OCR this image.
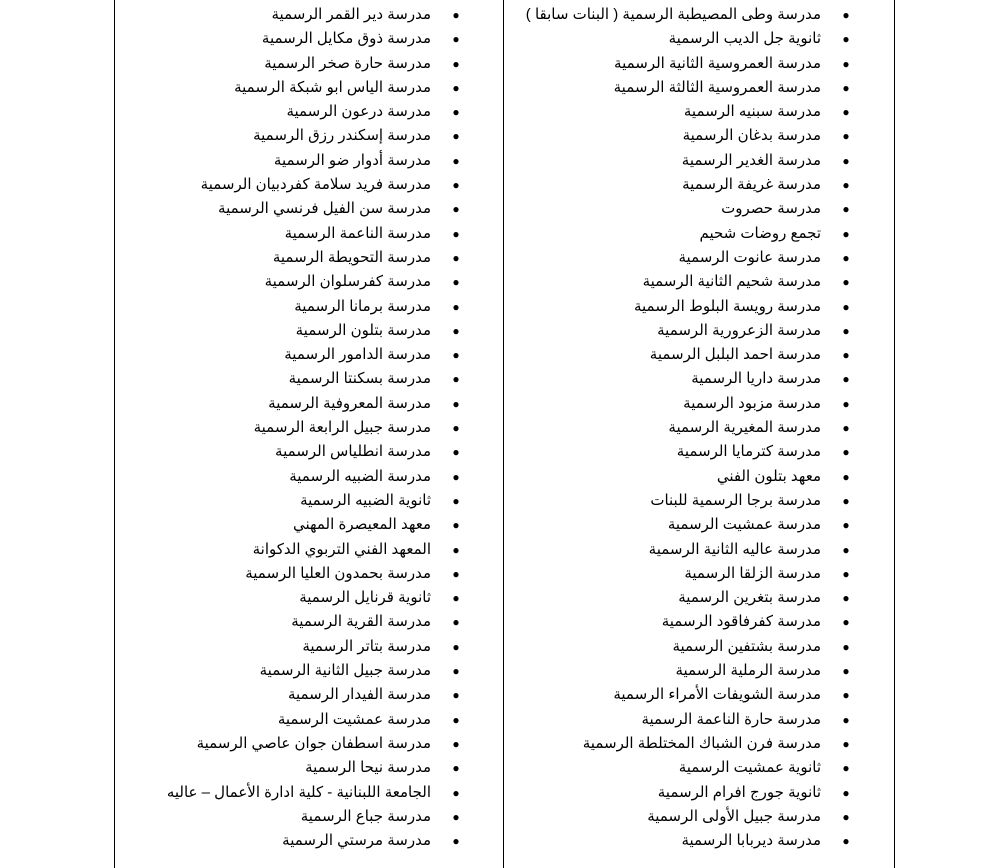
●
مدرسة وطى المصيطبة الرسمية ( البنات سابقا )
●
ثانوية جل الديب الرسمية
●
مدرسة العمروسية الثانية الرسمية
●
مدرسة العمروسية الثالثة الرسمية
●
مدرسة سبنيه الرسمية
●
مدرسة بدغان الرسمية
●
مدرسة الغدير الرسمية
●
مدرسة غريفة الرسمية
●
مدرسة حصروت
●
تجمع روضات شحيم
●
مدرسة عانوت الرسمية
●
مدرسة شحيم الثانية الرسمية
●
مدرسة رويسة البلوط الرسمية
●
مدرسة الزعرورية الرسمية
●
مدرسة احمد البلبل الرسمية
●
مدرسة داريا الرسمية
●
مدرسة مزبود الرسمية
●
مدرسة المغيرية الرسمية
●
مدرسة كترمايا الرسمية
●
معهد بتلون الفني
●
مدرسة برجا الرسمية للبنات
●
مدرسة عمشيت الرسمية
●
مدرسة عاليه الثانية الرسمية
●
مدرسة الزلقا الرسمية
●
مدرسة بتغرين الرسمية
●
مدرسة كفرفاقود الرسمية
●
مدرسة بشتفين الرسمية
●
مدرسة الرملية الرسمية
●
مدرسة الشويفات الأمراء الرسمية
●
مدرسة حارة الناعمة الرسمية
●
مدرسة فرن الشباك المختلطة الرسمية
●
ثانوية عمشيت الرسمية
●
ثانوية جورج افرام الرسمية
●
مدرسة جبيل الأولى الرسمية
●
مدرسة ديربابا الرسمية
●
مدرسة دير القمر الرسمية
●
مدرسة ذوق مكايل الرسمية
●
مدرسة حارة صخر الرسمية
●
مدرسة الياس ابو شبكة الرسمية
●
مدرسة درعون الرسمية
●
مدرسة إسكندر رزق الرسمية
●
مدرسة أدوار ضو الرسمية
●
مدرسة فريد سلامة كفردبيان الرسمية
●
مدرسة سن الفيل فرنسي الرسمية
●
مدرسة الناعمة الرسمية
●
مدرسة التحويطة الرسمية
●
مدرسة كفرسلوان الرسمية
●
مدرسة برمانا الرسمية
●
مدرسة بتلون الرسمية
●
مدرسة الدامور الرسمية
●
مدرسة بسكنتا الرسمية
●
مدرسة المعروفية الرسمية
●
مدرسة جبيل الرابعة الرسمية
●
مدرسة انطلياس الرسمية
●
مدرسة الضبيه الرسمية
●
ثانوية الضبيه الرسمية
●
معهد المعيصرة المهني
●
المعهد الفني التربوي الدكوانة
●
مدرسة بحمدون العليا الرسمية
●
ثانوية قرنايل الرسمية
●
مدرسة القرية الرسمية
●
مدرسة بتاتر الرسمية
●
مدرسة جبيل الثانية الرسمية
●
مدرسة الفيدار الرسمية
●
مدرسة عمشيت الرسمية
●
مدرسة اسطفان جوان عاصي الرسمية
●
مدرسة نيحا الرسمية
●
الجامعة اللبنانية - كلية ادارة الأعمال – عاليه
●
مدرسة جباع الرسمية
●
مدرسة مرستي الرسمية
